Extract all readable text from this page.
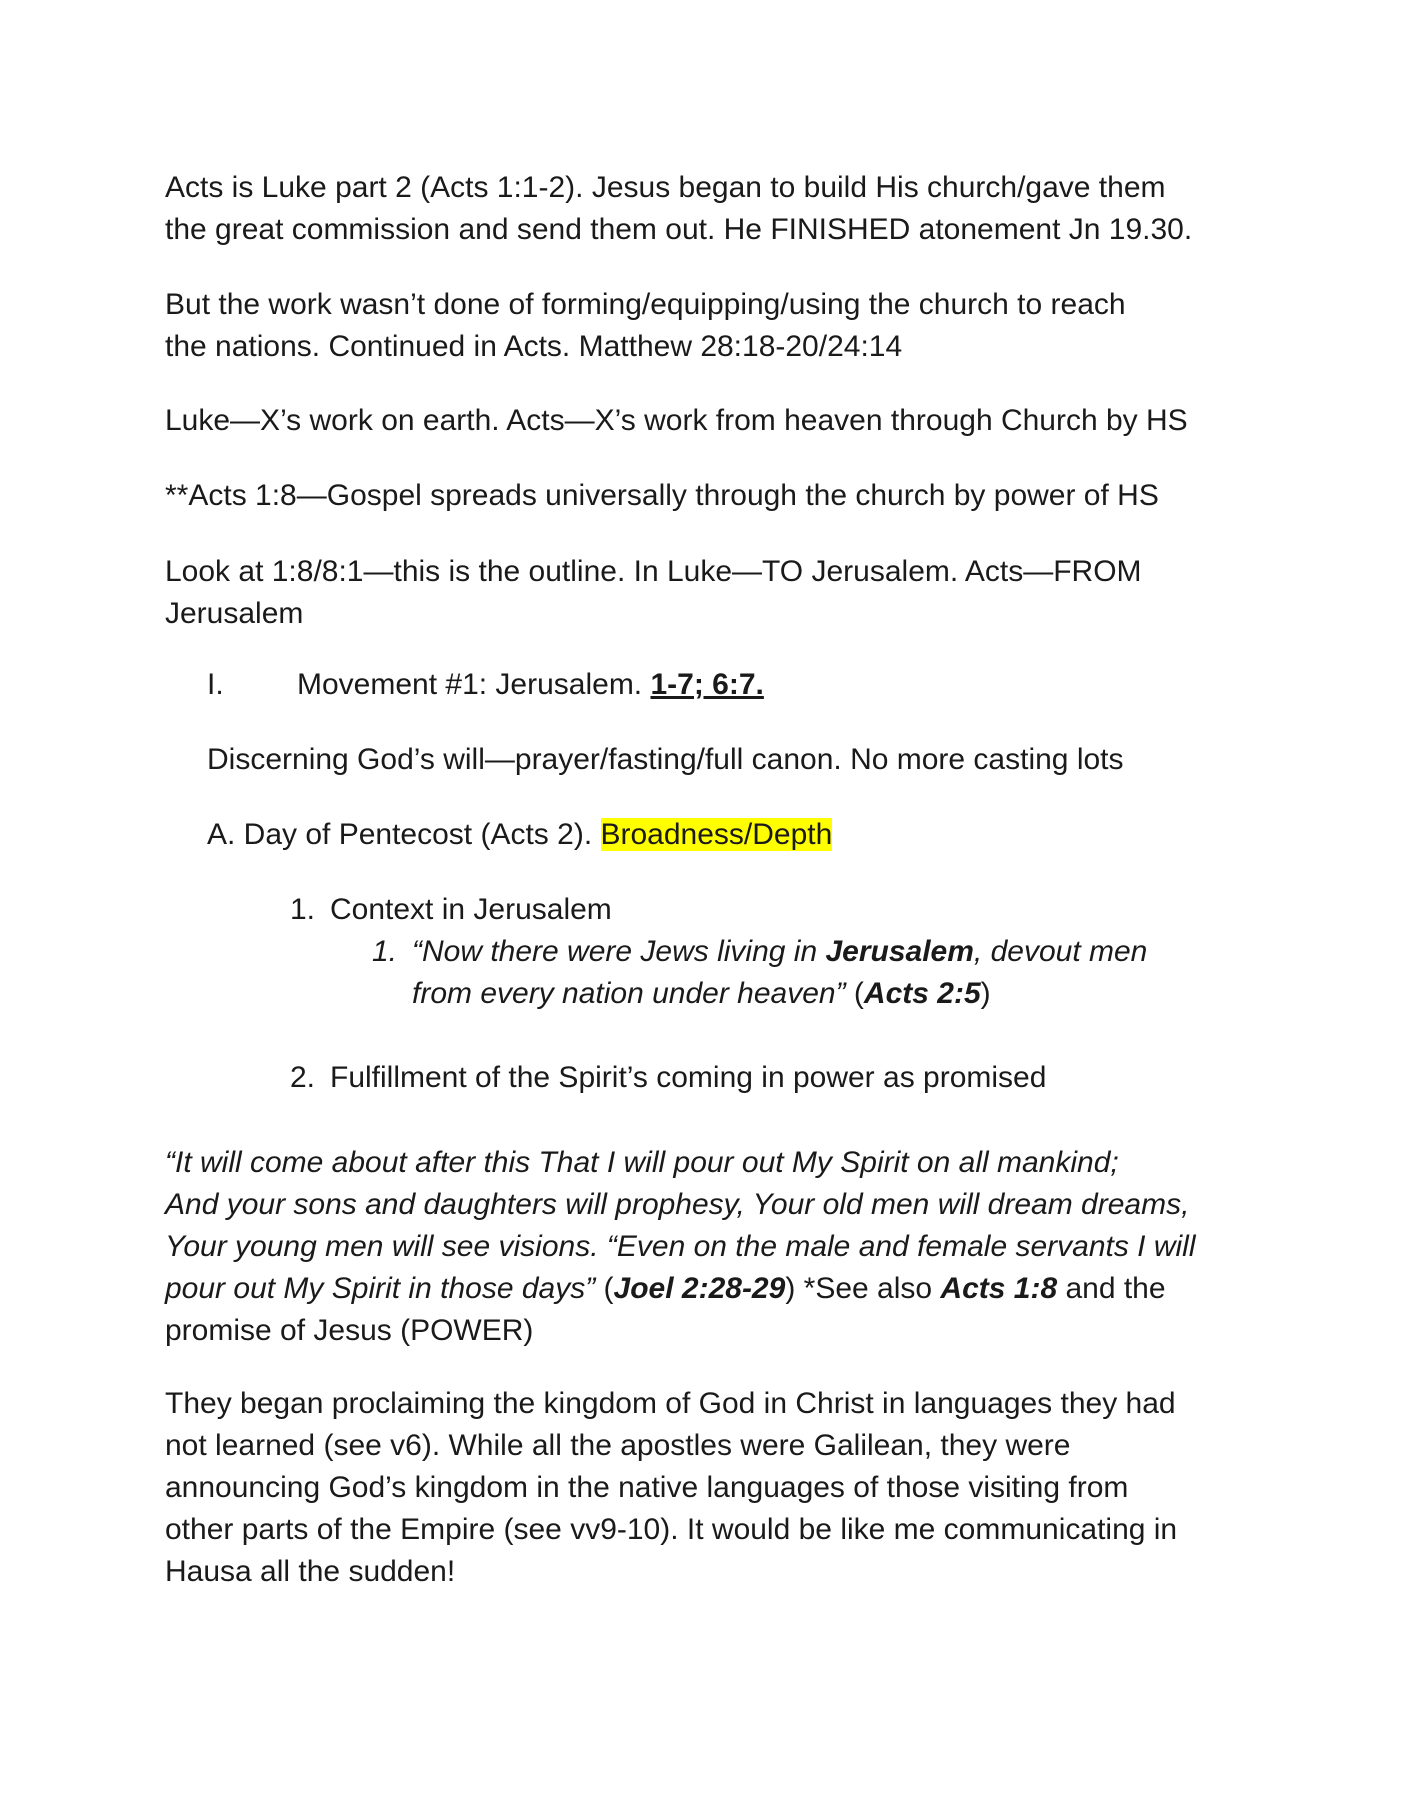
Acts is Luke part 2 (Acts 1:1-2). Jesus began to build His church/gave them
the great commission and send them out. He FINISHED atonement Jn 19.30.

But the work wasn’t done of forming/equipping/using the church to reach
the nations. Continued in Acts. Matthew 28:18-20/24:14

Luke—X’s work on earth. Acts—X’s work from heaven through Church by HS

**Acts 1:8—Gospel spreads universally through the church by power of HS

Look at 1:8/8:1—this is the outline. In Luke—TO Jerusalem. Acts—FROM
Jerusalem

I. Movement #1: Jerusalem. 1-7; 6:7.

Discerning God’s will—prayer/fasting/full canon. No more casting lots

A. Day of Pentecost (Acts 2). Broadness/Depth

1. Context in Jerusalem

1. “Now there were Jews living in Jerusalem, devout men
from every nation under heaven” (Acts 2:5)

2. Fulfillment of the Spirit’s coming in power as promised

“It will come about after this That I will pour out My Spirit on all mankind;
And your sons and daughters will prophesy, Your old men will dream dreams,
Your young men will see visions. “Even on the male and female servants I will
pour out My Spirit in those days” (Joel 2:28-29) *See also Acts 1:8 and the
promise of Jesus (POWER)

They began proclaiming the kingdom of God in Christ in languages they had
not learned (see v6). While all the apostles were Galilean, they were
announcing God’s kingdom in the native languages of those visiting from
other parts of the Empire (see vv9-10). It would be like me communicating in
Hausa all the sudden!
